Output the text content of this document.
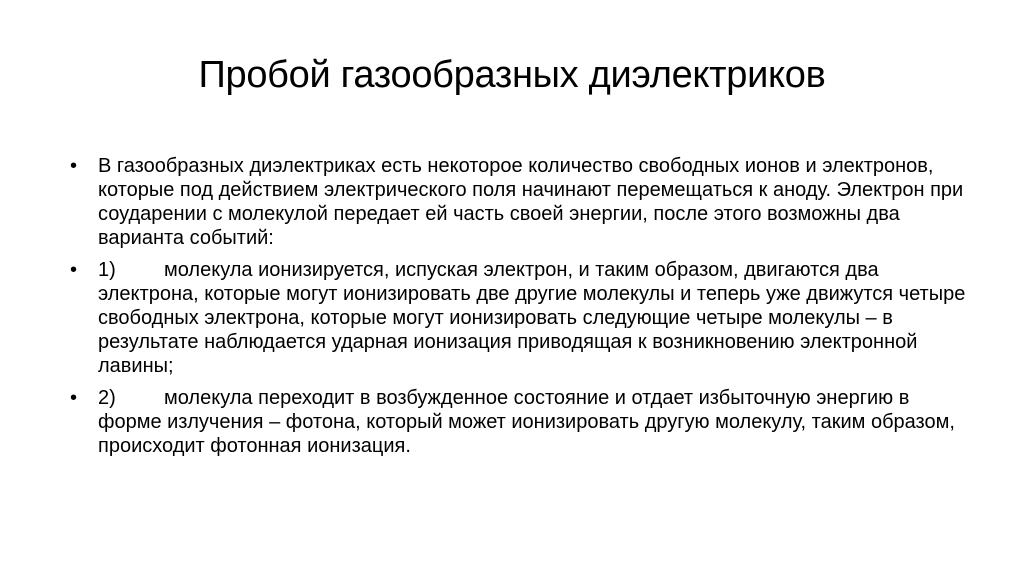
Пробой газообразных диэлектриков
• В газообразных диэлектриках есть некоторое количество свободных ионов и электронов, которые под действием электрического поля начинают перемещаться к аноду. Электрон при соударении с молекулой передает ей часть своей энергии, после этого возможны два варианта событий:
• 1) молекула ионизируется, испуская электрон, и таким образом, двигаются два электрона, которые могут ионизировать две другие молекулы и теперь уже движутся четыре свободных электрона, которые могут ионизировать следующие четыре молекулы – в результате наблюдается ударная ионизация приводящая к возникновению электронной лавины;
• 2) молекула переходит в возбужденное состояние и отдает избыточную энергию в форме излучения – фотона, который может ионизировать другую молекулу, таким образом, происходит фотонная ионизация.
